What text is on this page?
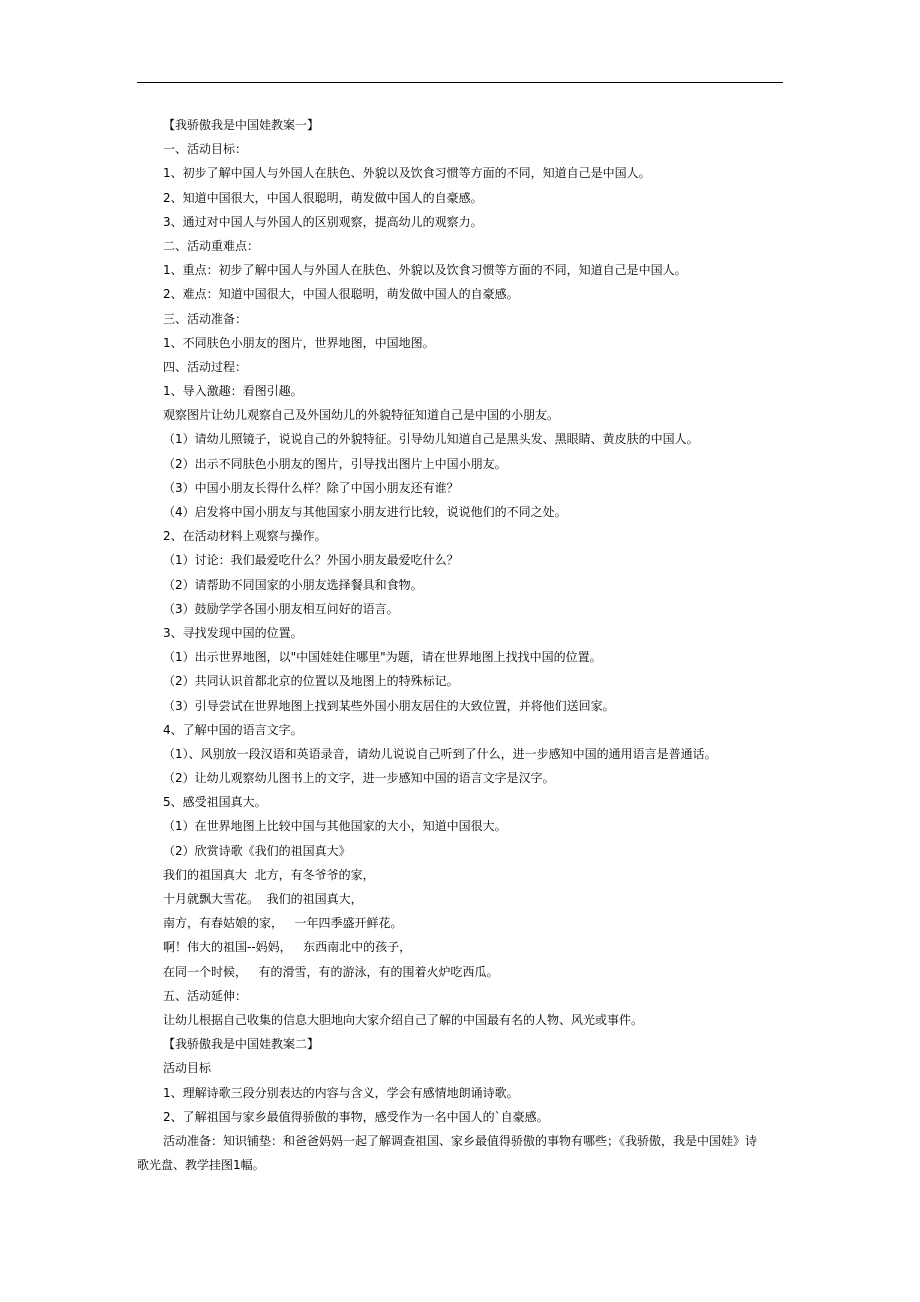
【我骄傲我是中国娃教案一】
一、活动目标：
1、初步了解中国人与外国人在肤色、外貌以及饮食习惯等方面的不同，知道自己是中国人。
2、知道中国很大，中国人很聪明，萌发做中国人的自豪感。
3、通过对中国人与外国人的区别观察，提高幼儿的观察力。
二、活动重难点：
1、重点：初步了解中国人与外国人在肤色、外貌以及饮食习惯等方面的不同，知道自己是中国人。
2、难点：知道中国很大，中国人很聪明，萌发做中国人的自豪感。
三、活动准备：
1、不同肤色小朋友的图片，世界地图，中国地图。
四、活动过程：
1、导入激趣：看图引趣。
观察图片让幼儿观察自己及外国幼儿的外貌特征知道自己是中国的小朋友。
（1）请幼儿照镜子，说说自己的外貌特征。引导幼儿知道自己是黑头发、黑眼睛、黄皮肤的中国人。
（2）出示不同肤色小朋友的图片，引导找出图片上中国小朋友。
（3）中国小朋友长得什么样？除了中国小朋友还有谁？
（4）启发将中国小朋友与其他国家小朋友进行比较，说说他们的不同之处。
2、在活动材料上观察与操作。
（1）讨论：我们最爱吃什么？外国小朋友最爱吃什么？
（2）请帮助不同国家的小朋友选择餐具和食物。
（3）鼓励学学各国小朋友相互问好的语言。
3、寻找发现中国的位置。
（1）出示世界地图，以"中国娃娃住哪里"为题，请在世界地图上找找中国的位置。
（2）共同认识首都北京的位置以及地图上的特殊标记。
（3）引导尝试在世界地图上找到某些外国小朋友居住的大致位置，并将他们送回家。
4、了解中国的语言文字。
（1）、风别放一段汉语和英语录音，请幼儿说说自己听到了什么，进一步感知中国的通用语言是普通话。
（2）让幼儿观察幼儿图书上的文字，进一步感知中国的语言文字是汉字。
5、感受祖国真大。
（1）在世界地图上比较中国与其他国家的大小，知道中国很大。
（2）欣赏诗歌《我们的祖国真大》
我们的祖国真大  北方，有冬爷爷的家，
十月就飘大雪花。  我们的祖国真大，
南方，有春姑娘的家，   一年四季盛开鲜花。
啊！伟大的祖国--妈妈，   东西南北中的孩子，
在同一个时候，   有的滑雪，有的游泳，有的围着火炉吃西瓜。
五、活动延伸：
让幼儿根据自己收集的信息大胆地向大家介绍自己了解的中国最有名的人物、风光或事件。
【我骄傲我是中国娃教案二】
活动目标
1、理解诗歌三段分别表达的内容与含义，学会有感情地朗诵诗歌。
2、了解祖国与家乡最值得骄傲的事物，感受作为一名中国人的`自豪感。
活动准备：知识铺垫：和爸爸妈妈一起了解调查祖国、家乡最值得骄傲的事物有哪些；《我骄傲，我是中国娃》诗
歌光盘、教学挂图1幅。
